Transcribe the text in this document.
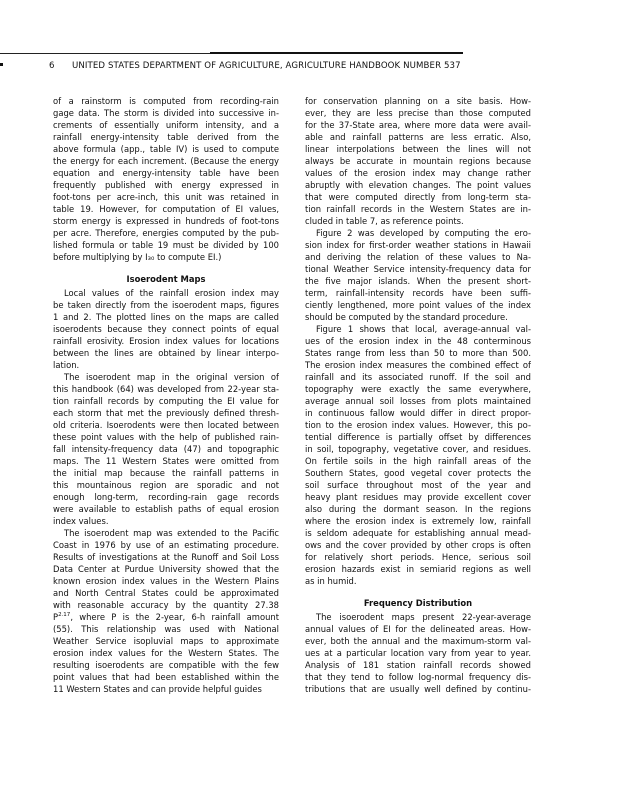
6 UNITED STATES DEPARTMENT OF AGRICULTURE, AGRICULTURE HANDBOOK NUMBER 537
of a rainstorm is computed from recording-rain
gage data. The storm is divided into successive in-
crements of essentially uniform intensity, and a
rainfall energy-intensity table derived from the
above formula (app., table IV) is used to compute
the energy for each increment. (Because the energy
equation and energy-intensity table have been
frequently published with energy expressed in
foot-tons per acre-inch, this unit was retained in
table 19. However, for computation of EI values,
storm energy is expressed in hundreds of foot-tons
per acre. Therefore, energies computed by the pub-
lished formula or table 19 must be divided by 100
before multiplying by I₃₀ to compute EI.)
Isoerodent Maps
Local values of the rainfall erosion index may
be taken directly from the isoerodent maps, figures
1 and 2. The plotted lines on the maps are called
isoerodents because they connect points of equal
rainfall erosivity. Erosion index values for locations
between the lines are obtained by linear interpo-
lation.
The isoerodent map in the original version of
this handbook (64) was developed from 22-year sta-
tion rainfall records by computing the EI value for
each storm that met the previously defined thresh-
old criteria. Isoerodents were then located between
these point values with the help of published rain-
fall intensity-frequency data (47) and topographic
maps. The 11 Western States were omitted from
the initial map because the rainfall patterns in
this mountainous region are sporadic and not
enough long-term, recording-rain gage records
were available to establish paths of equal erosion
index values.
The isoerodent map was extended to the Pacific
Coast in 1976 by use of an estimating procedure.
Results of investigations at the Runoff and Soil Loss
Data Center at Purdue University showed that the
known erosion index values in the Western Plains
and North Central States could be approximated
with reasonable accuracy by the quantity 27.38
$P^{2.17}$, where P is the 2-year, 6-h rainfall amount
(55). This relationship was used with National
Weather Service isopluvial maps to approximate
erosion index values for the Western States. The
resulting isoerodents are compatible with the few
point values that had been established within the
11 Western States and can provide helpful guides
for conservation planning on a site basis. How-
ever, they are less precise than those computed
for the 37-State area, where more data were avail-
able and rainfall patterns are less erratic. Also,
linear interpolations between the lines will not
always be accurate in mountain regions because
values of the erosion index may change rather
abruptly with elevation changes. The point values
that were computed directly from long-term sta-
tion rainfall records in the Western States are in-
cluded in table 7, as reference points.
Figure 2 was developed by computing the ero-
sion index for first-order weather stations in Hawaii
and deriving the relation of these values to Na-
tional Weather Service intensity-frequency data for
the five major islands. When the present short-
term, rainfall-intensity records have been suffi-
ciently lengthened, more point values of the index
should be computed by the standard procedure.
Figure 1 shows that local, average-annual val-
ues of the erosion index in the 48 conterminous
States range from less than 50 to more than 500.
The erosion index measures the combined effect of
rainfall and its associated runoff. If the soil and
topography were exactly the same everywhere,
average annual soil losses from plots maintained
in continuous fallow would differ in direct propor-
tion to the erosion index values. However, this po-
tential difference is partially offset by differences
in soil, topography, vegetative cover, and residues.
On fertile soils in the high rainfall areas of the
Southern States, good vegetal cover protects the
soil surface throughout most of the year and
heavy plant residues may provide excellent cover
also during the dormant season. In the regions
where the erosion index is extremely low, rainfall
is seldom adequate for establishing annual mead-
ows and the cover provided by other crops is often
for relatively short periods. Hence, serious soil
erosion hazards exist in semiarid regions as well
as in humid.
Frequency Distribution
The isoerodent maps present 22-year-average
annual values of EI for the delineated areas. How-
ever, both the annual and the maximum-storm val-
ues at a particular location vary from year to year.
Analysis of 181 station rainfall records showed
that they tend to follow log-normal frequency dis-
tributions that are usually well defined by continu-
